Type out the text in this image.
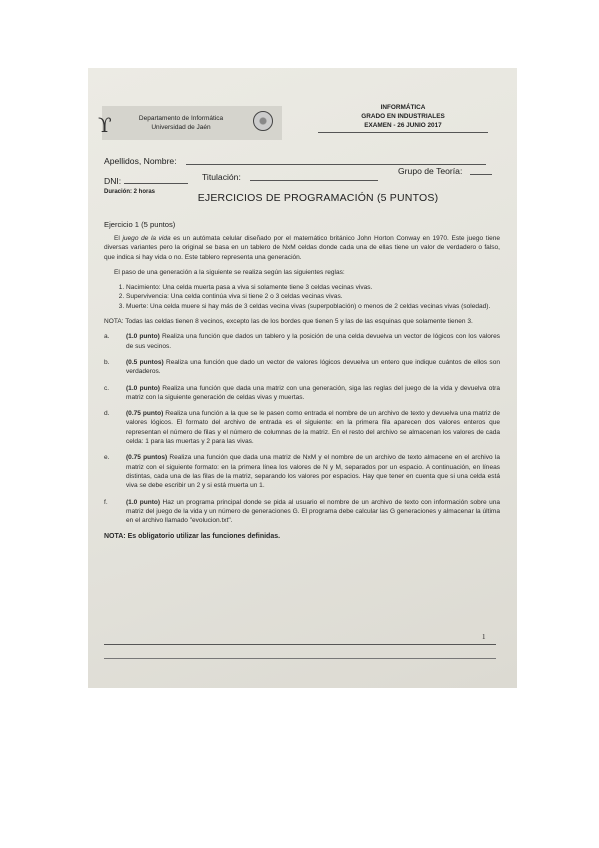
ϒ	Departamento de Informática
Universidad de Jaén
INFORMÁTICA
GRADO EN INDUSTRIALES
EXAMEN - 26 JUNIO 2017
Apellidos, Nombre:
Grupo de Teoría:
DNI:	Titulación:
Duración: 2 horas	EJERCICIOS DE PROGRAMACIÓN (5 PUNTOS)
Ejercicio 1 (5 puntos)

El juego de la vida es un autómata celular diseñado por el matemático británico John Horton Conway en 1970. Este juego tiene diversas variantes pero la original se basa en un tablero de NxM celdas donde cada una de ellas tiene un valor de verdadero o falso, que indica si hay vida o no. Este tablero representa una generación.

El paso de una generación a la siguiente se realiza según las siguientes reglas:

1. Nacimiento: Una celda muerta pasa a viva si solamente tiene 3 celdas vecinas vivas.
2. Supervivencia: Una celda continúa viva si tiene 2 o 3 celdas vecinas vivas.
3. Muerte: Una celda muere si hay más de 3 celdas vecina vivas (superpoblación) o menos de 2 celdas vecinas vivas (soledad).

NOTA: Todas las celdas tienen 8 vecinos, excepto las de los bordes que tienen 5 y las de las esquinas que solamente tienen 3.

a.	(1.0 punto) Realiza una función que dados un tablero y la posición de una celda devuelva un vector de lógicos con los valores de sus vecinos.
b.	(0.5 puntos) Realiza una función que dado un vector de valores lógicos devuelva un entero que indique cuántos de ellos son verdaderos.
c.	(1.0 punto) Realiza una función que dada una matriz con una generación, siga las reglas del juego de la vida y devuelva otra matriz con la siguiente generación de celdas vivas y muertas.
d.	(0.75 punto) Realiza una función a la que se le pasen como entrada el nombre de un archivo de texto y devuelva una matriz de valores lógicos. El formato del archivo de entrada es el siguiente: en la primera fila aparecen dos valores enteros que representan el número de filas y el número de columnas de la matriz. En el resto del archivo se almacenan los valores de cada celda: 1 para las muertas y 2 para las vivas.
e.	(0.75 puntos) Realiza una función que dada una matriz de NxM y el nombre de un archivo de texto almacene en el archivo la matriz con el siguiente formato: en la primera línea los valores de N y M, separados por un espacio. A continuación, en líneas distintas, cada una de las filas de la matriz, separando los valores por espacios. Hay que tener en cuenta que si una celda está viva se debe escribir un 2 y si está muerta un 1.
f.	(1.0 punto) Haz un programa principal donde se pida al usuario el nombre de un archivo de texto con información sobre una matriz del juego de la vida y un número de generaciones G. El programa debe calcular las G generaciones y almacenar la última en el archivo llamado "evolucion.txt".
NOTA: Es obligatorio utilizar las funciones definidas.
1
